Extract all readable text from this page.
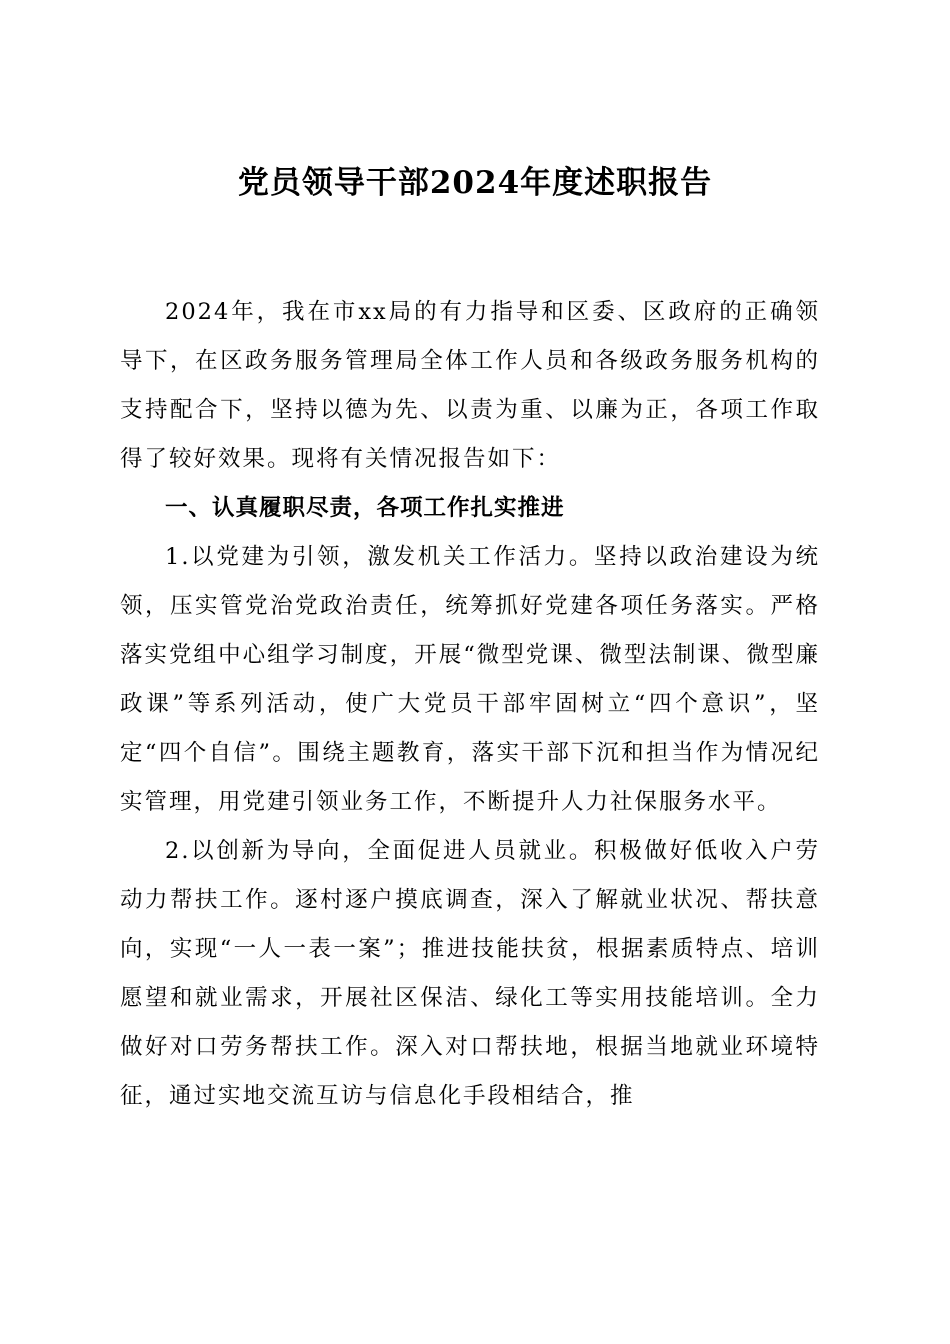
党员领导干部2024年度述职报告

2024年，我在市xx局的有力指导和区委、区政府的正确领导下，在区政务服务管理局全体工作人员和各级政务服务机构的支持配合下，坚持以德为先、以责为重、以廉为正，各项工作取得了较好效果。现将有关情况报告如下：

一、认真履职尽责，各项工作扎实推进

1.以党建为引领，激发机关工作活力。坚持以政治建设为统领，压实管党治党政治责任，统筹抓好党建各项任务落实。严格落实党组中心组学习制度，开展“微型党课、微型法制课、微型廉政课”等系列活动，使广大党员干部牢固树立“四个意识”，坚定“四个自信”。围绕主题教育，落实干部下沉和担当作为情况纪实管理，用党建引领业务工作，不断提升人力社保服务水平。

2.以创新为导向，全面促进人员就业。积极做好低收入户劳动力帮扶工作。逐村逐户摸底调查，深入了解就业状况、帮扶意向，实现“一人一表一案”；推进技能扶贫，根据素质特点、培训愿望和就业需求，开展社区保洁、绿化工等实用技能培训。全力做好对口劳务帮扶工作。深入对口帮扶地，根据当地就业环境特征，通过实地交流互访与信息化手段相结合，推
